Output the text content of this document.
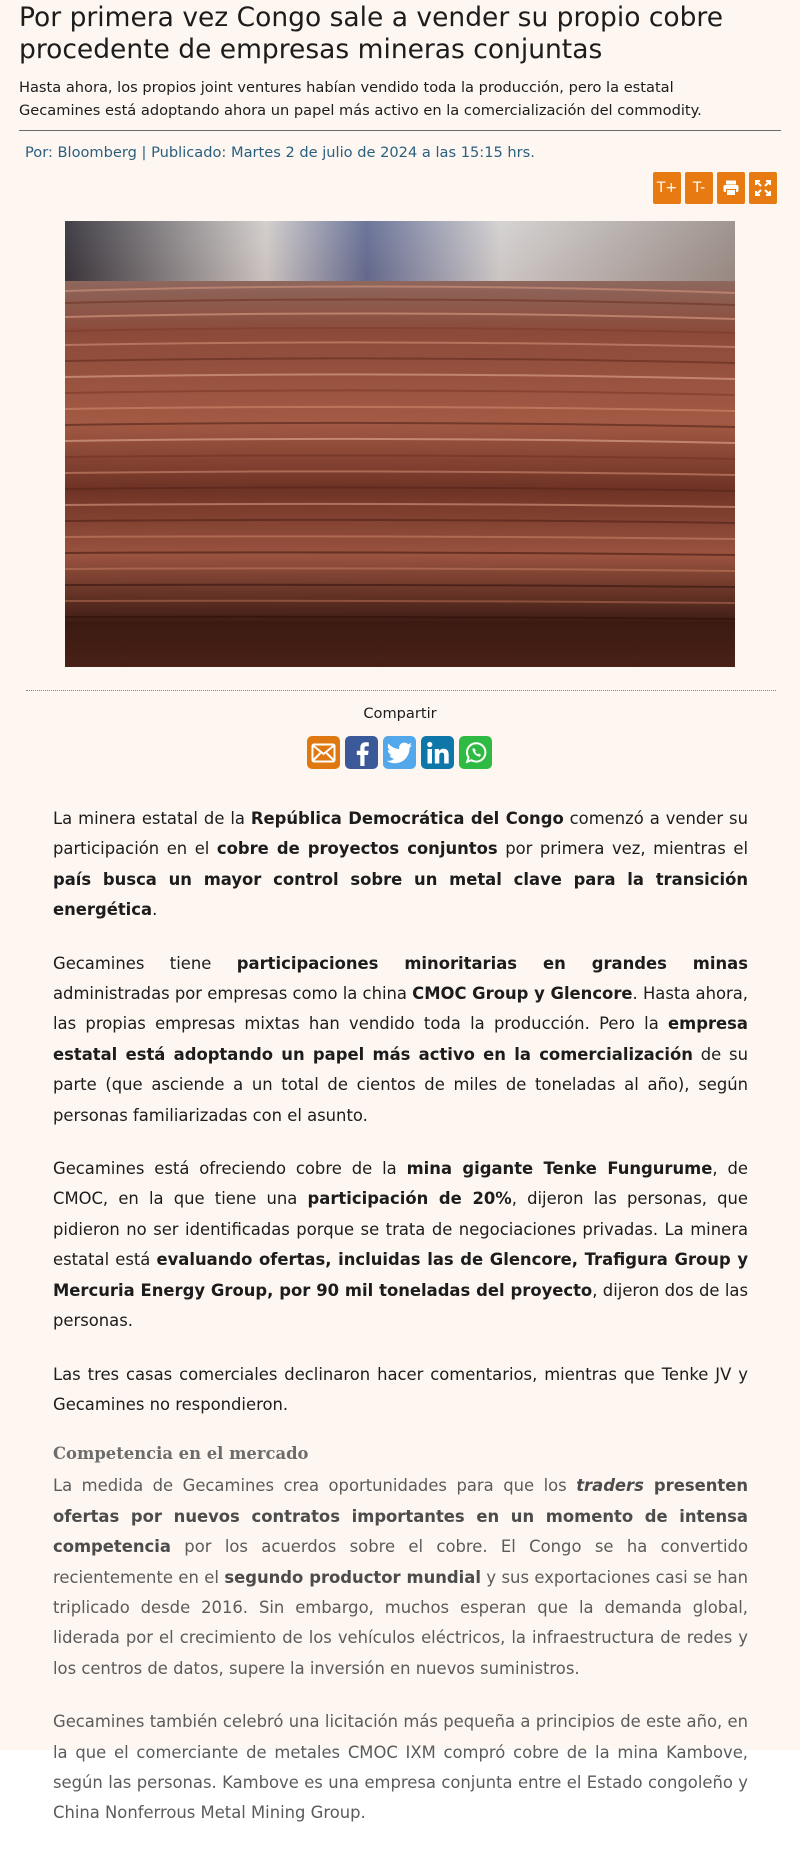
Por primera vez Congo sale a vender su propio cobre procedente de empresas mineras conjuntas

Hasta ahora, los propios joint ventures habían vendido toda la producción, pero la estatal Gecamines está adoptando ahora un papel más activo en la comercialización del commodity.

Por: Bloomberg | Publicado: Martes 2 de julio de 2024 a las 15:15 hrs.
T+	T-
Compartir

La minera estatal de la República Democrática del Congo comenzó a vender su participación en el cobre de proyectos conjuntos por primera vez, mientras el país busca un mayor control sobre un metal clave para la transición energética.

Gecamines tiene participaciones minoritarias en grandes minas administradas por empresas como la china CMOC Group y Glencore. Hasta ahora, las propias empresas mixtas han vendido toda la producción. Pero la empresa estatal está adoptando un papel más activo en la comercialización de su parte (que asciende a un total de cientos de miles de toneladas al año), según personas familiarizadas con el asunto.

Gecamines está ofreciendo cobre de la mina gigante Tenke Fungurume, de CMOC, en la que tiene una participación de 20%, dijeron las personas, que pidieron no ser identificadas porque se trata de negociaciones privadas. La minera estatal está evaluando ofertas, incluidas las de Glencore, Trafigura Group y Mercuria Energy Group, por 90 mil toneladas del proyecto, dijeron dos de las personas.

Las tres casas comerciales declinaron hacer comentarios, mientras que Tenke JV y Gecamines no respondieron.

Competencia en el mercado

La medida de Gecamines crea oportunidades para que los traders presenten ofertas por nuevos contratos importantes en un momento de intensa competencia por los acuerdos sobre el cobre. El Congo se ha convertido recientemente en el segundo productor mundial y sus exportaciones casi se han triplicado desde 2016. Sin embargo, muchos esperan que la demanda global, liderada por el crecimiento de los vehículos eléctricos, la infraestructura de redes y los centros de datos, supere la inversión en nuevos suministros.

Gecamines también celebró una licitación más pequeña a principios de este año, en la que el comerciante de metales CMOC IXM compró cobre de la mina Kambove, según las personas. Kambove es una empresa conjunta entre el Estado congoleño y China Nonferrous Metal Mining Group.
